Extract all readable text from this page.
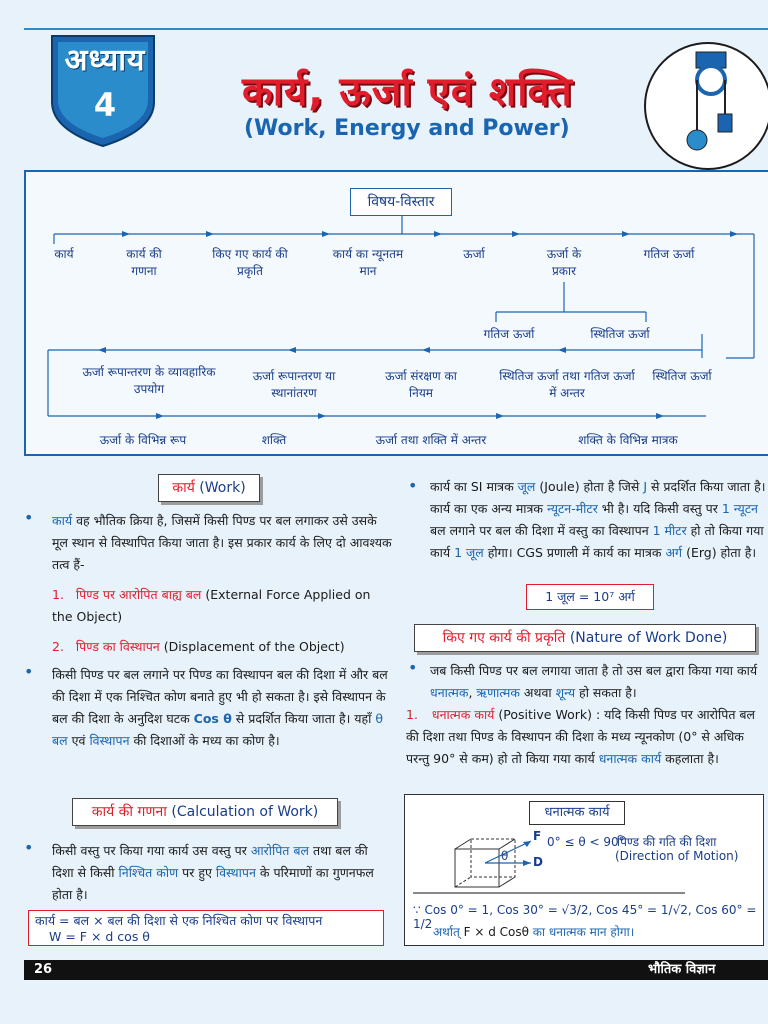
अध्याय
4	कार्य, ऊर्जा एवं शक्ति
(Work, Energy and Power)
विषय-विस्तार
कार्य	कार्य की गणना
किए गए कार्य की प्रकृति
कार्य का न्यूनतम मान
ऊर्जा	ऊर्जा के प्रकार
गतिज ऊर्जा
गतिज ऊर्जा	स्थितिज ऊर्जा
ऊर्जा रूपान्तरण के व्यावहारिक उपयोग
ऊर्जा रूपान्तरण या स्थानांतरण
ऊर्जा संरक्षण का नियम
स्थितिज ऊर्जा तथा गतिज ऊर्जा में अन्तर
स्थितिज ऊर्जा
ऊर्जा के विभिन्न रूप	शक्ति	ऊर्जा तथा शक्ति में अन्तर	शक्ति के विभिन्न मात्रक
कार्य (Work)
• कार्य वह भौतिक क्रिया है, जिसमें किसी पिण्ड पर बल लगाकर उसे उसके मूल स्थान से विस्थापित किया जाता है। इस प्रकार कार्य के लिए दो आवश्यक तत्व हैं-
1. पिण्ड पर आरोपित बाह्य बल (External Force Applied on the Object)
2. पिण्ड का विस्थापन (Displacement of the Object)
• किसी पिण्ड पर बल लगाने पर पिण्ड का विस्थापन बल की दिशा में और बल की दिशा में एक निश्चित कोण बनाते हुए भी हो सकता है। इसे विस्थापन के बल की दिशा के अनुदिश घटक Cos θ से प्रदर्शित किया जाता है। यहाँ θ बल एवं विस्थापन की दिशाओं के मध्य का कोण है।
कार्य की गणना (Calculation of Work)
• किसी वस्तु पर किया गया कार्य उस वस्तु पर आरोपित बल तथा बल की दिशा से किसी निश्चित कोण पर हुए विस्थापन के परिमाणों का गुणनफल होता है।
कार्य = बल × बल की दिशा से एक निश्चित कोण पर विस्थापन
W = F × d cos θ
• कार्य का SI मात्रक जूल (Joule) होता है जिसे J से प्रदर्शित किया जाता है। कार्य का एक अन्य मात्रक न्यूटन-मीटर भी है। यदि किसी वस्तु पर 1 न्यूटन बल लगाने पर बल की दिशा में वस्तु का विस्थापन 1 मीटर हो तो किया गया कार्य 1 जूल होगा। CGS प्रणाली में कार्य का मात्रक अर्ग (Erg) होता है।
1 जूल = 10⁷ अर्ग
किए गए कार्य की प्रकृति (Nature of Work Done)
• जब किसी पिण्ड पर बल लगाया जाता है तो उस बल द्वारा किया गया कार्य धनात्मक, ऋणात्मक अथवा शून्य हो सकता है।
1. धनात्मक कार्य (Positive Work) : यदि किसी पिण्ड पर आरोपित बल की दिशा तथा पिण्ड के विस्थापन की दिशा के मध्य न्यूनकोण (0° से अधिक परन्तु 90° से कम) हो तो किया गया कार्य धनात्मक कार्य कहलाता है।
धनात्मक कार्य
F 0° ≤ θ < 90°
पिण्ड की गति की दिशा
(Direction of Motion)
θ D
∵ Cos 0° = 1, Cos 30° = √3/2, Cos 45° = 1/√2, Cos 60° = 1/2
अर्थात् F × d Cosθ का धनात्मक मान होगा।
26	भौतिक विज्ञान
